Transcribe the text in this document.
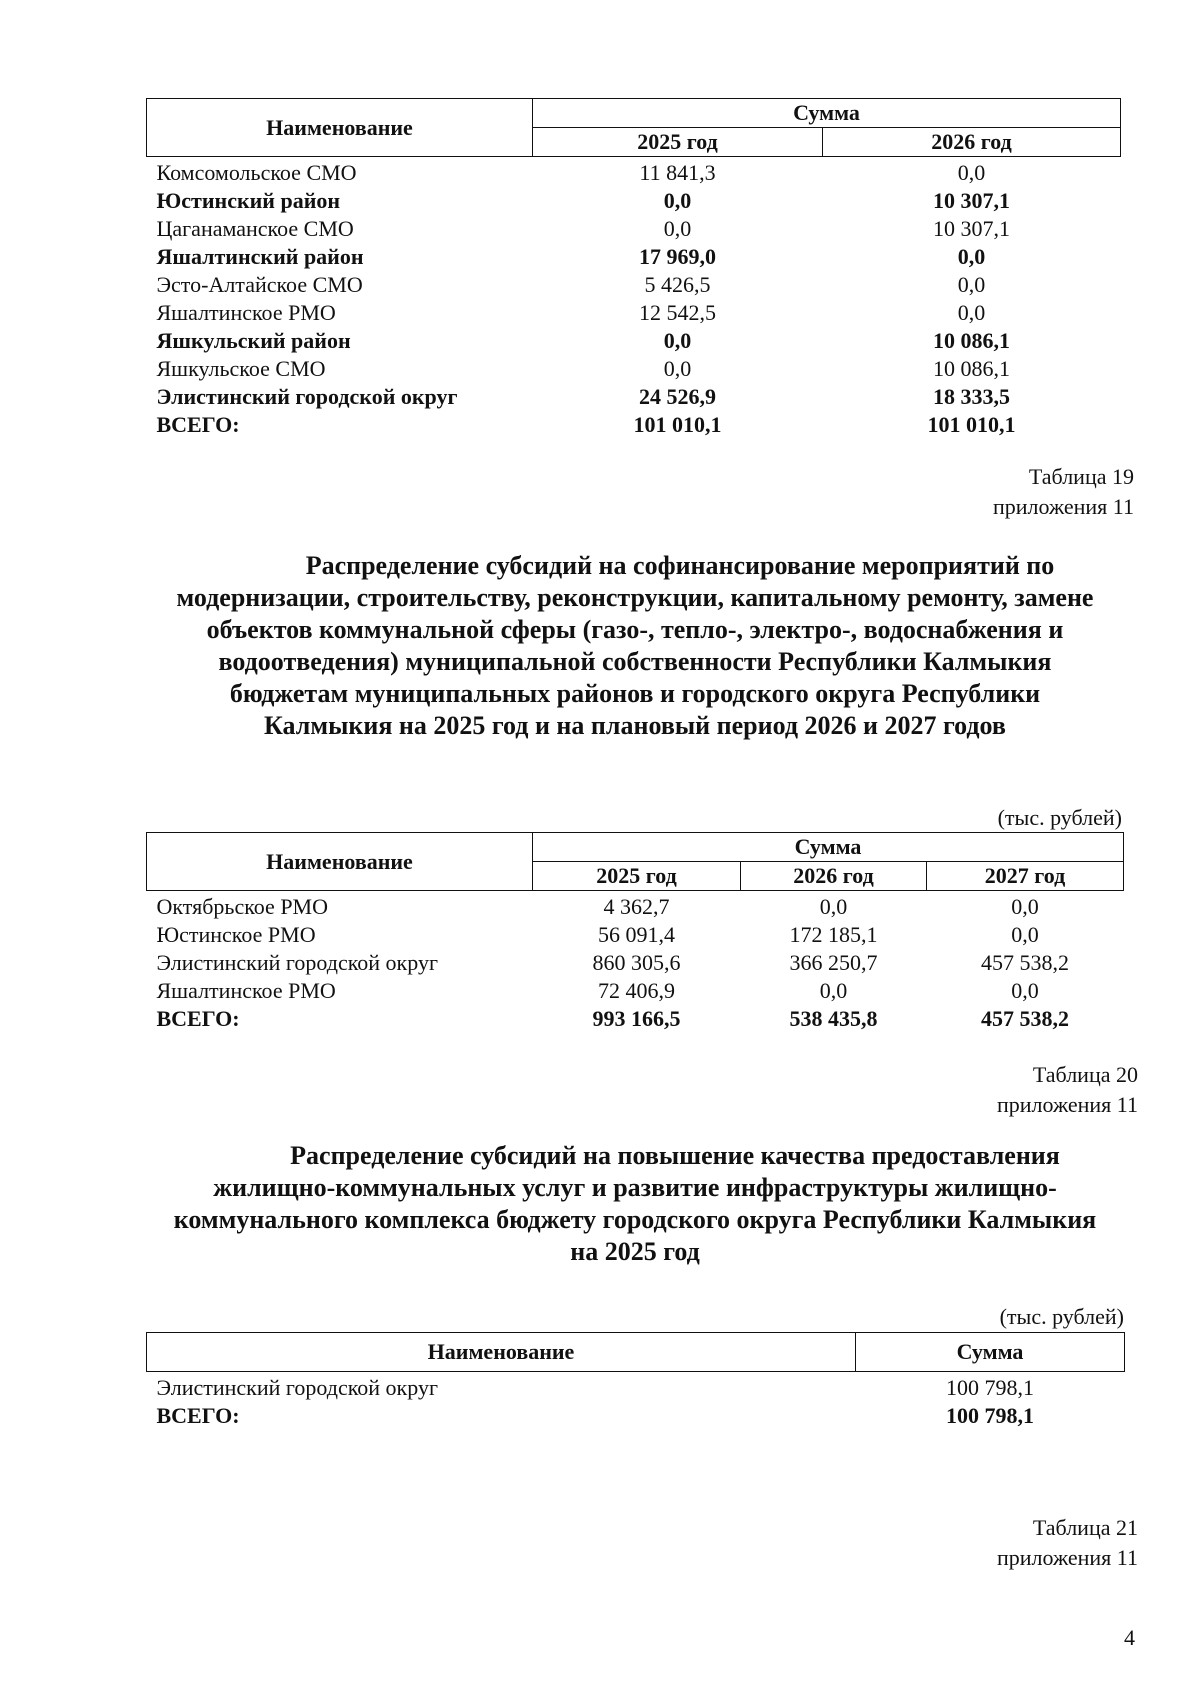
Наименование	Сумма	
	2025 год	2026 год
Комсомольское СМО	11 841,3	0,0
Юстинский район	0,0	10 307,1
Цаганаманское СМО	0,0	10 307,1
Яшалтинский район	17 969,0	0,0
Эсто-Алтайское СМО	5 426,5	0,0
Яшалтинское РМО	12 542,5	0,0
Яшкульский район	0,0	10 086,1
Яшкульское СМО	0,0	10 086,1
Элистинский городской округ	24 526,9	18 333,5
ВСЕГО:	101 010,1	101 010,1
Таблица 19
приложения 11
Распределение субсидий на софинансирование мероприятий по модернизации, строительству, реконструкции, капитальному ремонту, замене объектов коммунальной сферы (газо-, тепло-, электро-, водоснабжения и водоотведения) муниципальной собственности Республики Калмыкия бюджетам муниципальных районов и городского округа Республики Калмыкия на 2025 год и на плановый период 2026 и 2027 годов
(тыс. рублей)
Наименование	Сумма		
	2025 год	2026 год	2027 год
Октябрьское РМО	4 362,7	0,0	0,0
Юстинское РМО	56 091,4	172 185,1	0,0
Элистинский городской округ	860 305,6	366 250,7	457 538,2
Яшалтинское РМО	72 406,9	0,0	0,0
ВСЕГО:	993 166,5	538 435,8	457 538,2
Таблица 20
приложения 11
Распределение субсидий на повышение качества предоставления жилищно-коммунальных услуг и развитие инфраструктуры жилищно-коммунального комплекса бюджету городского округа Республики Калмыкия на 2025 год
(тыс. рублей)
Наименование	Сумма
Элистинский городской округ	100 798,1
ВСЕГО:	100 798,1
Таблица 21
приложения 11
4
